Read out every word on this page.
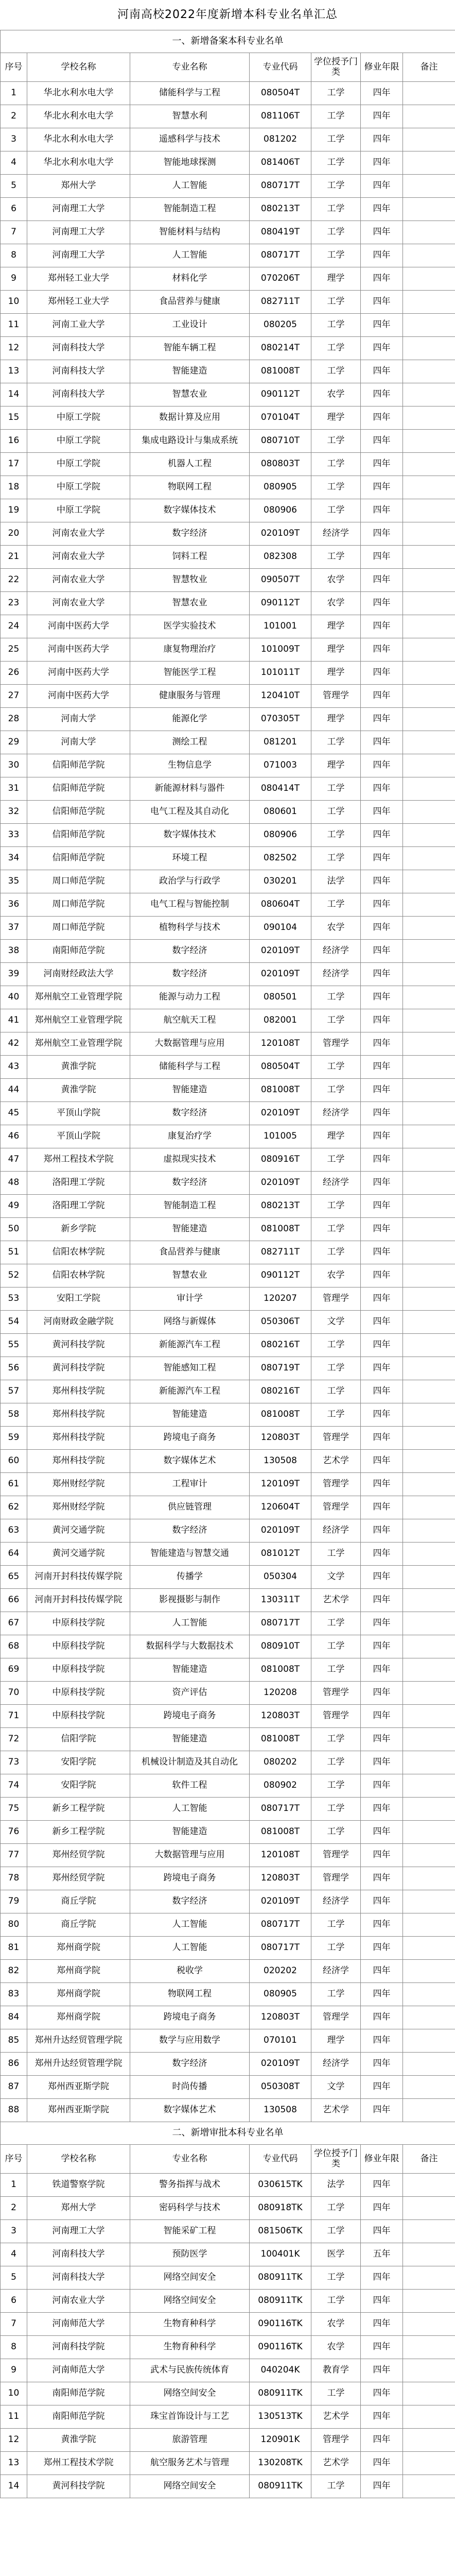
河南高校2022年度新增本科专业名单汇总
一、新增备案本科专业名单						
序号	学校名称	专业名称	专业代码	学位授予门类	修业年限	备注
1	华北水利水电大学	储能科学与工程	080504T	工学	四年	
2	华北水利水电大学	智慧水利	081106T	工学	四年	
3	华北水利水电大学	遥感科学与技术	081202	工学	四年	
4	华北水利水电大学	智能地球探测	081406T	工学	四年	
5	郑州大学	人工智能	080717T	工学	四年	
6	河南理工大学	智能制造工程	080213T	工学	四年	
7	河南理工大学	智能材料与结构	080419T	工学	四年	
8	河南理工大学	人工智能	080717T	工学	四年	
9	郑州轻工业大学	材料化学	070206T	理学	四年	
10	郑州轻工业大学	食品营养与健康	082711T	工学	四年	
11	河南工业大学	工业设计	080205	工学	四年	
12	河南科技大学	智能车辆工程	080214T	工学	四年	
13	河南科技大学	智能建造	081008T	工学	四年	
14	河南科技大学	智慧农业	090112T	农学	四年	
15	中原工学院	数据计算及应用	070104T	理学	四年	
16	中原工学院	集成电路设计与集成系统	080710T	工学	四年	
17	中原工学院	机器人工程	080803T	工学	四年	
18	中原工学院	物联网工程	080905	工学	四年	
19	中原工学院	数字媒体技术	080906	工学	四年	
20	河南农业大学	数字经济	020109T	经济学	四年	
21	河南农业大学	饲料工程	082308	工学	四年	
22	河南农业大学	智慧牧业	090507T	农学	四年	
23	河南农业大学	智慧农业	090112T	农学	四年	
24	河南中医药大学	医学实验技术	101001	理学	四年	
25	河南中医药大学	康复物理治疗	101009T	理学	四年	
26	河南中医药大学	智能医学工程	101011T	理学	四年	
27	河南中医药大学	健康服务与管理	120410T	管理学	四年	
28	河南大学	能源化学	070305T	理学	四年	
29	河南大学	测绘工程	081201	工学	四年	
30	信阳师范学院	生物信息学	071003	理学	四年	
31	信阳师范学院	新能源材料与器件	080414T	工学	四年	
32	信阳师范学院	电气工程及其自动化	080601	工学	四年	
33	信阳师范学院	数字媒体技术	080906	工学	四年	
34	信阳师范学院	环境工程	082502	工学	四年	
35	周口师范学院	政治学与行政学	030201	法学	四年	
36	周口师范学院	电气工程与智能控制	080604T	工学	四年	
37	周口师范学院	植物科学与技术	090104	农学	四年	
38	南阳师范学院	数字经济	020109T	经济学	四年	
39	河南财经政法大学	数字经济	020109T	经济学	四年	
40	郑州航空工业管理学院	能源与动力工程	080501	工学	四年	
41	郑州航空工业管理学院	航空航天工程	082001	工学	四年	
42	郑州航空工业管理学院	大数据管理与应用	120108T	管理学	四年	
43	黄淮学院	储能科学与工程	080504T	工学	四年	
44	黄淮学院	智能建造	081008T	工学	四年	
45	平顶山学院	数字经济	020109T	经济学	四年	
46	平顶山学院	康复治疗学	101005	理学	四年	
47	郑州工程技术学院	虚拟现实技术	080916T	工学	四年	
48	洛阳理工学院	数字经济	020109T	经济学	四年	
49	洛阳理工学院	智能制造工程	080213T	工学	四年	
50	新乡学院	智能建造	081008T	工学	四年	
51	信阳农林学院	食品营养与健康	082711T	工学	四年	
52	信阳农林学院	智慧农业	090112T	农学	四年	
53	安阳工学院	审计学	120207	管理学	四年	
54	河南财政金融学院	网络与新媒体	050306T	文学	四年	
55	黄河科技学院	新能源汽车工程	080216T	工学	四年	
56	黄河科技学院	智能感知工程	080719T	工学	四年	
57	郑州科技学院	新能源汽车工程	080216T	工学	四年	
58	郑州科技学院	智能建造	081008T	工学	四年	
59	郑州科技学院	跨境电子商务	120803T	管理学	四年	
60	郑州科技学院	数字媒体艺术	130508	艺术学	四年	
61	郑州财经学院	工程审计	120109T	管理学	四年	
62	郑州财经学院	供应链管理	120604T	管理学	四年	
63	黄河交通学院	数字经济	020109T	经济学	四年	
64	黄河交通学院	智能建造与智慧交通	081012T	工学	四年	
65	河南开封科技传媒学院	传播学	050304	文学	四年	
66	河南开封科技传媒学院	影视摄影与制作	130311T	艺术学	四年	
67	中原科技学院	人工智能	080717T	工学	四年	
68	中原科技学院	数据科学与大数据技术	080910T	工学	四年	
69	中原科技学院	智能建造	081008T	工学	四年	
70	中原科技学院	资产评估	120208	管理学	四年	
71	中原科技学院	跨境电子商务	120803T	管理学	四年	
72	信阳学院	智能建造	081008T	工学	四年	
73	安阳学院	机械设计制造及其自动化	080202	工学	四年	
74	安阳学院	软件工程	080902	工学	四年	
75	新乡工程学院	人工智能	080717T	工学	四年	
76	新乡工程学院	智能建造	081008T	工学	四年	
77	郑州经贸学院	大数据管理与应用	120108T	管理学	四年	
78	郑州经贸学院	跨境电子商务	120803T	管理学	四年	
79	商丘学院	数字经济	020109T	经济学	四年	
80	商丘学院	人工智能	080717T	工学	四年	
81	郑州商学院	人工智能	080717T	工学	四年	
82	郑州商学院	税收学	020202	经济学	四年	
83	郑州商学院	物联网工程	080905	工学	四年	
84	郑州商学院	跨境电子商务	120803T	管理学	四年	
85	郑州升达经贸管理学院	数学与应用数学	070101	理学	四年	
86	郑州升达经贸管理学院	数字经济	020109T	经济学	四年	
87	郑州西亚斯学院	时尚传播	050308T	文学	四年	
88	郑州西亚斯学院	数字媒体艺术	130508	艺术学	四年	
二、新增审批本科专业名单						
序号	学校名称	专业名称	专业代码	学位授予门类	修业年限	备注
1	铁道警察学院	警务指挥与战术	030615TK	法学	四年	
2	郑州大学	密码科学与技术	080918TK	工学	四年	
3	河南理工大学	智能采矿工程	081506TK	工学	四年	
4	河南科技大学	预防医学	100401K	医学	五年	
5	河南科技大学	网络空间安全	080911TK	工学	四年	
6	河南农业大学	网络空间安全	080911TK	工学	四年	
7	河南师范大学	生物育种科学	090116TK	农学	四年	
8	河南科技学院	生物育种科学	090116TK	农学	四年	
9	河南师范大学	武术与民族传统体育	040204K	教育学	四年	
10	南阳师范学院	网络空间安全	080911TK	工学	四年	
11	南阳师范学院	珠宝首饰设计与工艺	130513TK	艺术学	四年	
12	黄淮学院	旅游管理	120901K	管理学	四年	
13	郑州工程技术学院	航空服务艺术与管理	130208TK	艺术学	四年	
14	黄河科技学院	网络空间安全	080911TK	工学	四年	
